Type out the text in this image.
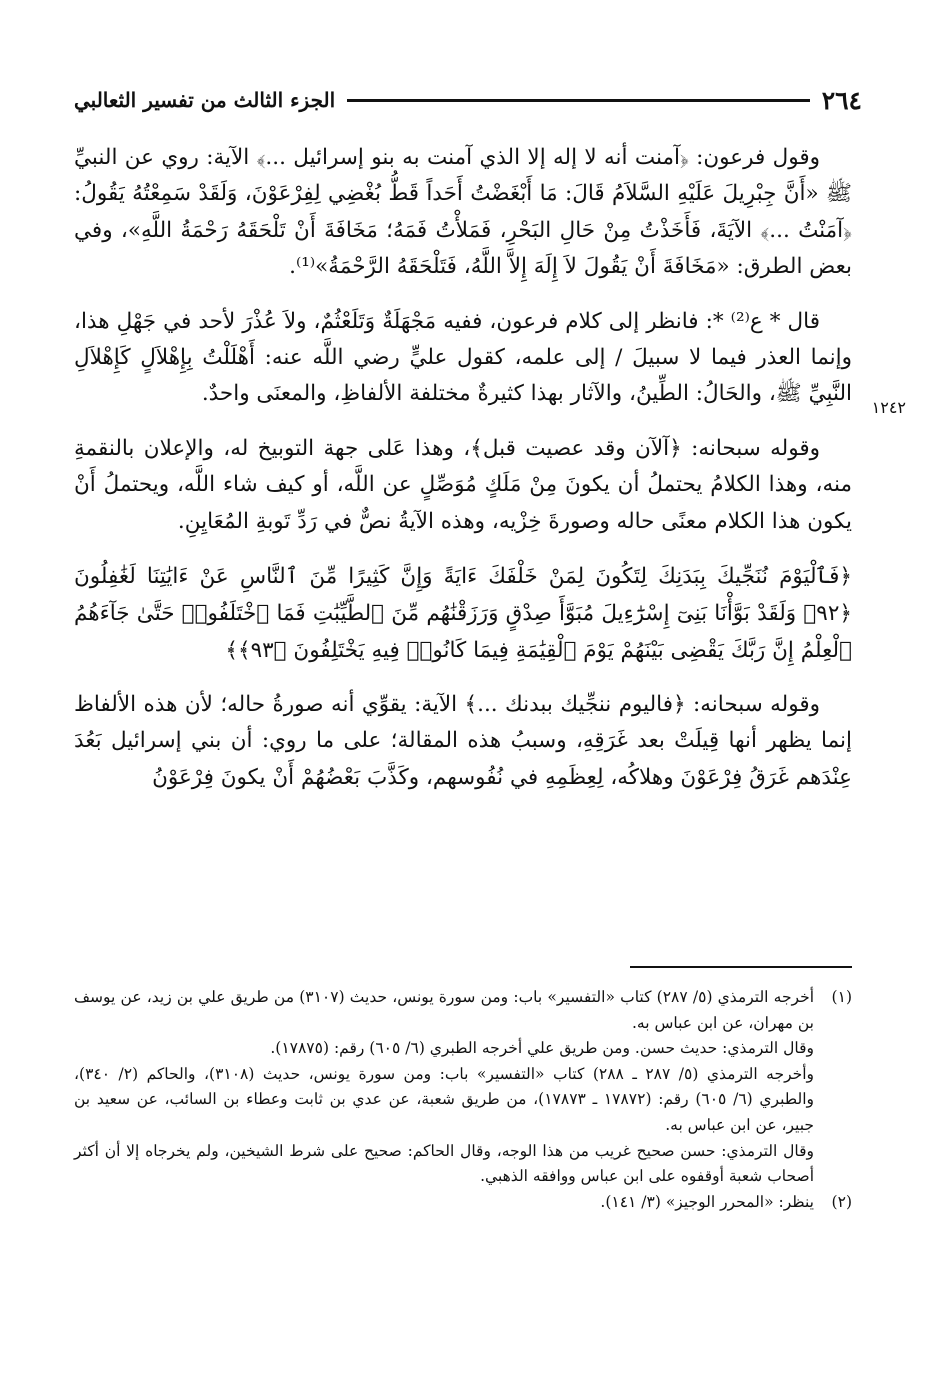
٢٦٤
الجزء الثالث من تفسير الثعالبي
١٢٤٢

وقول فرعون: ﴿آمنت أنه لا إله إلا الذي آمنت به بنو إسرائيل ...﴾ الآية: روي عن النبيِّ ﷺ «أَنَّ جِبْرِيلَ عَلَيْهِ السَّلاَمُ قَالَ: مَا أَبْغَضْتُ أَحَداً قَطُّ بُغْضِي لِفِرْعَوْنَ، وَلَقَدْ سَمِعْتُهُ يَقُولُ: ﴿آمَنْتُ ...﴾ الآيَةَ، فَأَخَذْتُ مِنْ حَالِ البَحْرِ، فَمَلأْتُ فَمَهُ؛ مَخَافَةَ أَنْ تَلْحَقَهُ رَحْمَةُ اللَّهِ»، وفي بعض الطرق: «مَخَافَةَ أَنْ يَقُولَ لاَ إِلَهَ إِلاَّ اللَّهُ، فَتَلْحَقَهُ الرَّحْمَةُ»⁽¹⁾.

قال * ع⁽²⁾ *: فانظر إلى كلام فرعون، ففيه مَجْهَلَةٌ وَتَلَعْثُمٌ، ولاَ عُذْرَ لأحد في جَهْلِ هذا، وإنما العذر فيما لا سبيلَ / إلى علمه، كقول عليٍّ رضي اللَّه عنه: أَهْلَلْتُ بِإِهْلاَلٍ كَإِهْلاَلِ النَّبِيِّ ﷺ، والحَالُ: الطِّينُ، والآثار بهذا كثيرةٌ مختلفة الألفاظِ، والمعنَى واحدٌ.

وقوله سبحانه: ﴿آلآن وقد عصيت قبل﴾، وهذا عَلى جهة التوبيخ له، والإعلان بالنقمةِ منه، وهذا الكلامُ يحتملُ أن يكونَ مِنْ مَلَكٍ مُوَصِّلٍ عن اللَّه، أو كيف شاء اللَّه، ويحتملُ أَنْ يكون هذا الكلام معنًى حاله وصورةَ خِزْيه، وهذه الآيةُ نصٌّ في رَدِّ تَوبةِ المُعَايِنِ.

﴿فَٱلْيَوْمَ نُنَجِّيكَ بِبَدَنِكَ لِتَكُونَ لِمَنْ خَلْفَكَ ءَايَةً وَإِنَّ كَثِيرًا مِّنَ ٱلنَّاسِ عَنْ ءَايَٰتِنَا لَغَٰفِلُونَ ﴿٩٢﴾ وَلَقَدْ بَوَّأْنَا بَنِىٓ إِسْرَٰٓءِيلَ مُبَوَّأَ صِدْقٍ وَرَزَقْنَٰهُم مِّنَ ٱلطَّيِّبَٰتِ فَمَا ٱخْتَلَفُوا۟ حَتَّىٰ جَآءَهُمُ ٱلْعِلْمُ إِنَّ رَبَّكَ يَقْضِى بَيْنَهُمْ يَوْمَ ٱلْقِيَٰمَةِ فِيمَا كَانُوا۟ فِيهِ يَخْتَلِفُونَ ﴿٩٣﴾﴾

وقوله سبحانه: ﴿فاليوم ننجِّيك ببدنك ...﴾ الآية: يقوِّي أنه صورةُ حاله؛ لأن هذه الألفاظ إنما يظهر أنها قِيلَتْ بعد غَرَقِهِ، وسببُ هذه المقالة؛ على ما روي: أن بني إسرائيل بَعُدَ عِنْدَهم غَرَقُ فِرْعَوْنَ وهلاكُه، لِعِظَمِهِ في نُفُوسهم، وكَذَّبَ بَعْضُهُمْ أَنْ يكونَ فِرْعَوْنُ

(١)

أخرجه الترمذي (٥/ ٢٨٧) كتاب «التفسير» باب: ومن سورة يونس، حديث (٣١٠٧) من طريق علي بن زيد، عن يوسف بن مهران، عن ابن عباس به.

وقال الترمذي: حديث حسن. ومن طريق علي أخرجه الطبري (٦/ ٦٠٥) رقم: (١٧٨٧٥).

وأخرجه الترمذي (٥/ ٢٨٧ ـ ٢٨٨) كتاب «التفسير» باب: ومن سورة يونس، حديث (٣١٠٨)، والحاكم (٢/ ٣٤٠)، والطبري (٦/ ٦٠٥) رقم: (١٧٨٧٢ ـ ١٧٨٧٣)، من طريق شعبة، عن عدي بن ثابت وعطاء بن السائب، عن سعيد بن جبير، عن ابن عباس به.

وقال الترمذي: حسن صحيح غريب من هذا الوجه، وقال الحاكم: صحيح على شرط الشيخين، ولم يخرجاه إلا أن أكثر أصحاب شعبة أوقفوه على ابن عباس ووافقه الذهبي.

(٢)

ينظر: «المحرر الوجيز» (٣/ ١٤١).
